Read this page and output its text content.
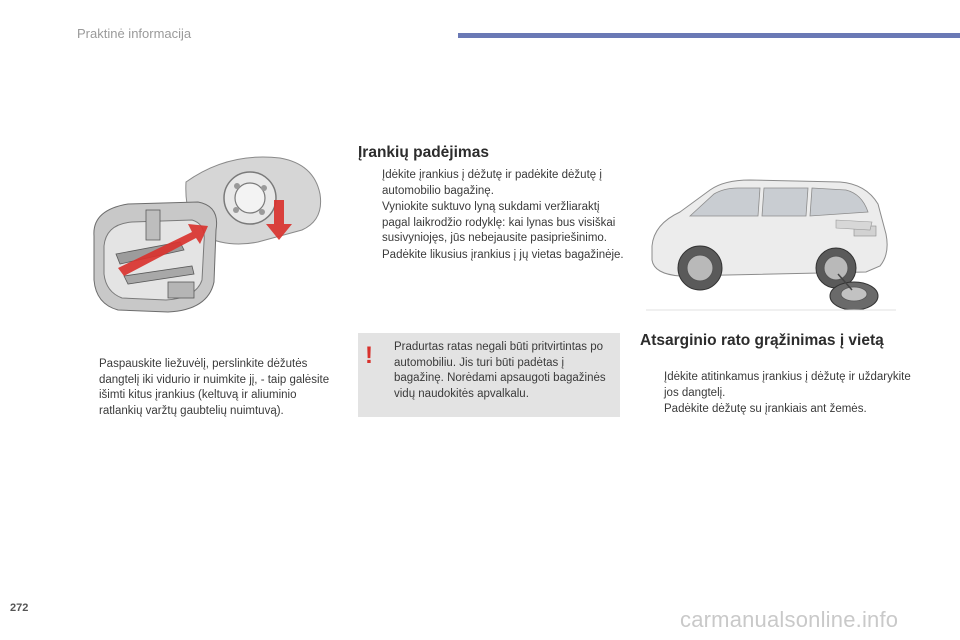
Praktinė informacija
Paspauskite liežuvėlį, perslinkite dėžutės dangtelį iki vidurio ir nuimkite jį, - taip galėsite išimti kitus įrankius (keltuvą ir aliuminio ratlankių varžtų gaubtelių nuimtuvą).
Įrankių padėjimas
Įdėkite įrankius į dėžutę ir padėkite dėžutę į automobilio bagažinę.
Vyniokite suktuvo lyną sukdami veržliaraktį pagal laikrodžio rodyklę: kai lynas bus visiškai susivyniojęs, jūs nebejausite pasipriešinimo.
Padėkite likusius įrankius į jų vietas bagažinėje.
!	Pradurtas ratas negali būti pritvirtintas po automobiliu. Jis turi būti padėtas į bagažinę. Norėdami apsaugoti bagažinės vidų naudokitės apvalkalu.
Atsarginio rato grąžinimas į vietą
Įdėkite atitinkamus įrankius į dėžutę ir uždarykite jos dangtelį.
Padėkite dėžutę su įrankiais ant žemės.
272	carmanualsonline.info
